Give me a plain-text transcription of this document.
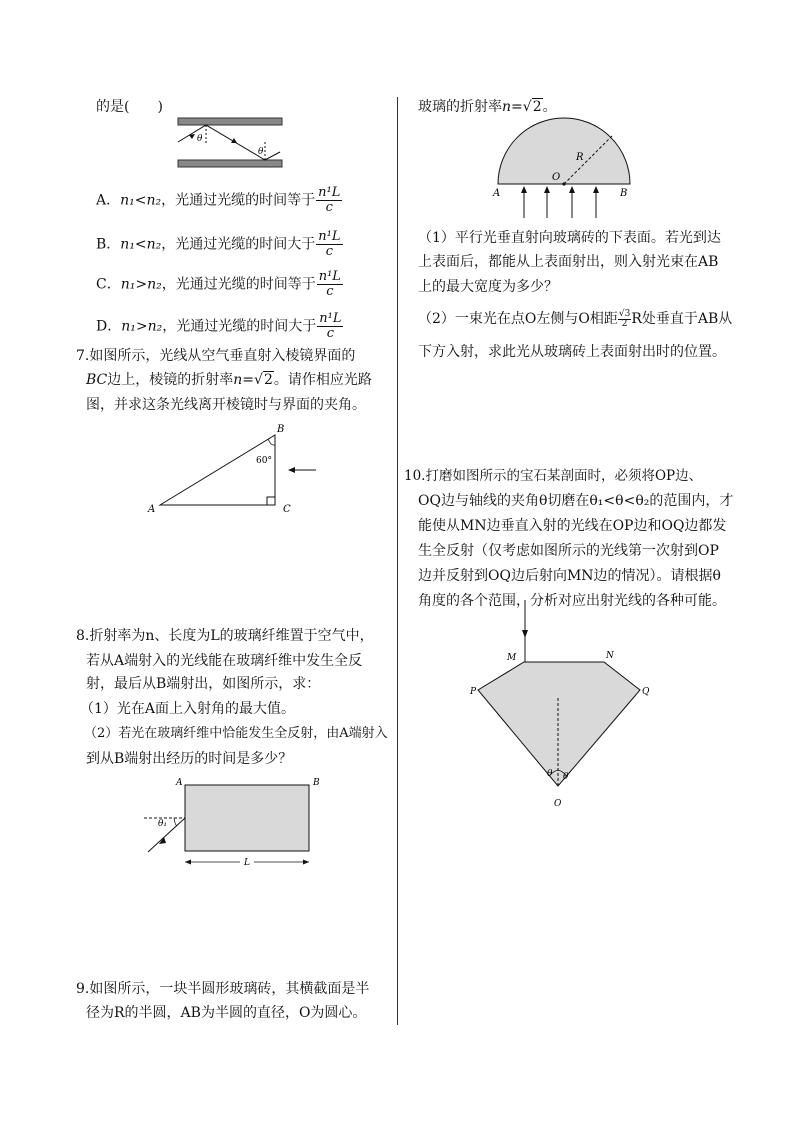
的是(　　)
θ
θ
A．n₁<n₂，光通过光缆的时间等于 $\frac{\text{n¹L}}{c}$
B．n₁<n₂，光通过光缆的时间大于 $\frac{\text{n¹L}}{c}$
C．n₁>n₂，光通过光缆的时间等于 $\frac{\text{n¹L}}{c}$
D．n₁>n₂，光通过光缆的时间大于 $\frac{\text{n¹L}}{c}$
7.如图所示，光线从空气垂直射入棱镜界面的
BC边上，棱镜的折射率n=√2。请作相应光路
图，并求这条光线离开棱镜时与界面的夹角。
60°
A
B
C
8.折射率为n、长度为L的玻璃纤维置于空气中，
若从A端射入的光线能在玻璃纤维中发生全反
射，最后从B端射出，如图所示，求：
（1）光在A面上入射角的最大值。
（2）若光在玻璃纤维中恰能发生全反射，由A端射入
到从B端射出经历的时间是多少？
θ₁
A	B
L
9.如图所示，一块半圆形玻璃砖，其横截面是半
径为R的半圆，AB为半圆的直径，O为圆心。
玻璃的折射率n=√2。
R
O
A	B
（1）平行光垂直射向玻璃砖的下表面。若光到达
上表面后，都能从上表面射出，则入射光束在AB
上的最大宽度为多少？
（2）一束光在点O左侧与O相距 $\frac{√3}{2}$ R处垂直于AB从
下方入射，求此光从玻璃砖上表面射出时的位置。
10.打磨如图所示的宝石某剖面时，必须将OP边、
OQ边与轴线的夹角θ切磨在θ₁<θ<θ₂的范围内，才
能使从MN边垂直入射的光线在OP边和OQ边都发
生全反射（仅考虑如图所示的光线第一次射到OP
边并反射到OQ边后射向MN边的情况）。请根据θ
角度的各个范围，分析对应出射光线的各种可能。
θ θ
M	N
P	Q
O
